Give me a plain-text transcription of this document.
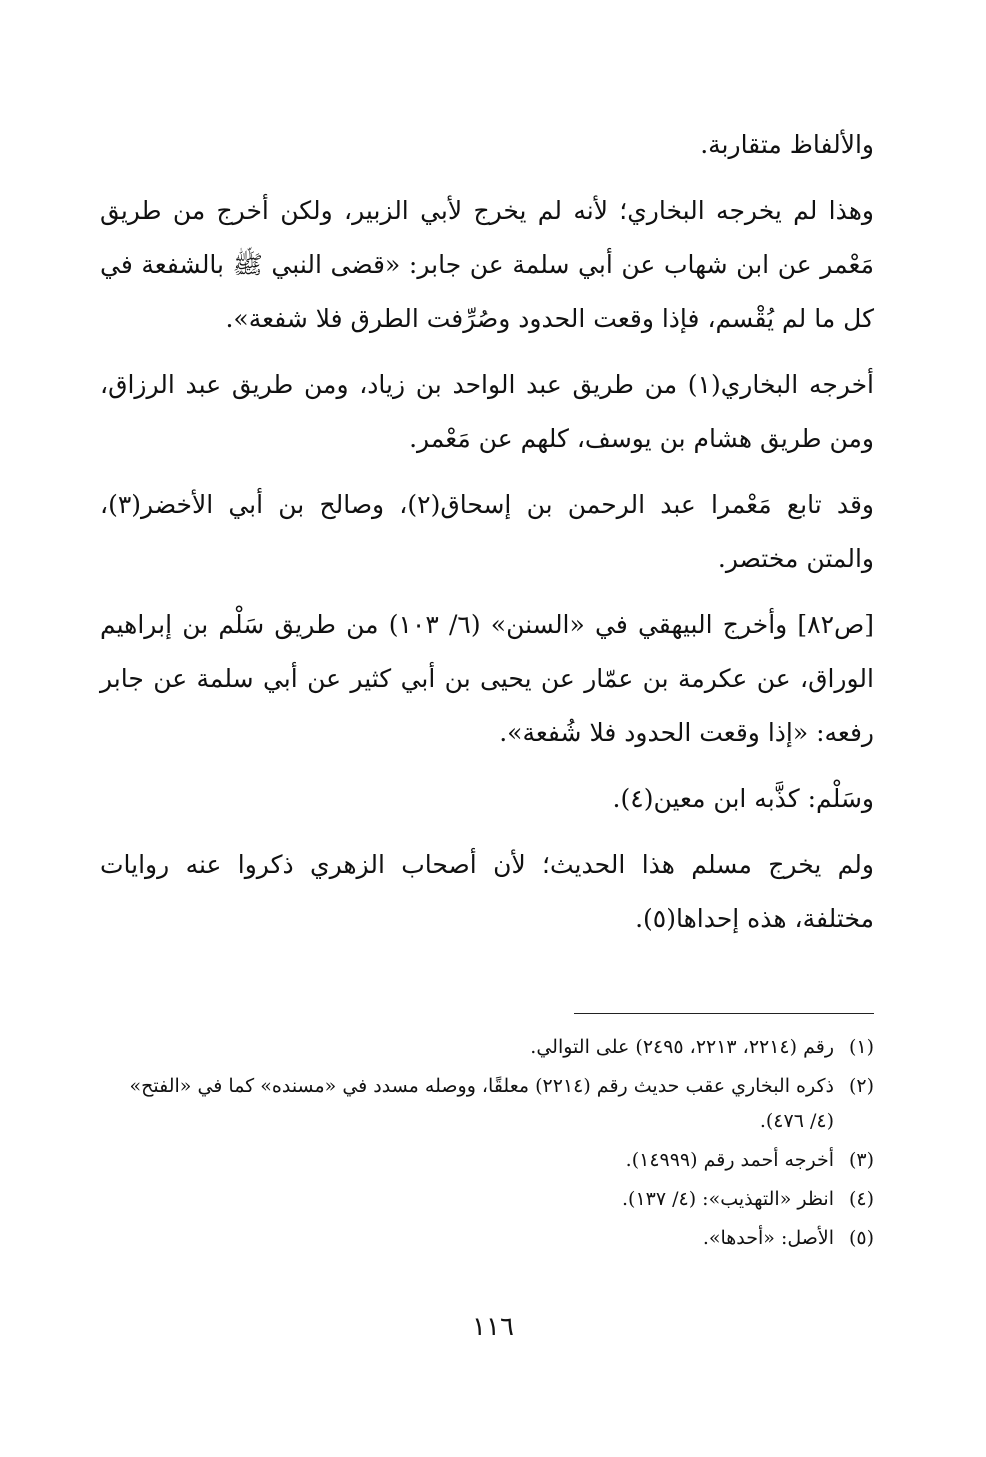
والألفاظ متقاربة.

وهذا لم يخرجه البخاري؛ لأنه لم يخرج لأبي الزبير، ولكن أخرج من طريق مَعْمر عن ابن شهاب عن أبي سلمة عن جابر: «قضى النبي ﷺ بالشفعة في كل ما لم يُقْسم، فإذا وقعت الحدود وصُرِّفت الطرق فلا شفعة».

أخرجه البخاري(١) من طريق عبد الواحد بن زياد، ومن طريق عبد الرزاق، ومن طريق هشام بن يوسف، كلهم عن مَعْمر.

وقد تابع مَعْمرا عبد الرحمن بن إسحاق(٢)، وصالح بن أبي الأخضر(٣)، والمتن مختصر.

[ص٨٢] وأخرج البيهقي في «السنن» (٦/ ١٠٣) من طريق سَلْم بن إبراهيم الوراق، عن عكرمة بن عمّار عن يحيى بن أبي كثير عن أبي سلمة عن جابر رفعه: «إذا وقعت الحدود فلا شُفعة».

وسَلْم: كذَّبه ابن معين(٤).

ولم يخرج مسلم هذا الحديث؛ لأن أصحاب الزهري ذكروا عنه روايات مختلفة، هذه إحداها(٥).

(١)
رقم (٢٢١٤، ٢٢١٣، ٢٤٩٥) على التوالي.
(٢)
ذكره البخاري عقب حديث رقم (٢٢١٤) معلقًا، ووصله مسدد في «مسنده» كما في «الفتح» (٤/ ٤٧٦).
(٣)
أخرجه أحمد رقم (١٤٩٩٩).
(٤)
انظر «التهذيب»: (٤/ ١٣٧).
(٥)
الأصل: «أحدها».
١١٦
